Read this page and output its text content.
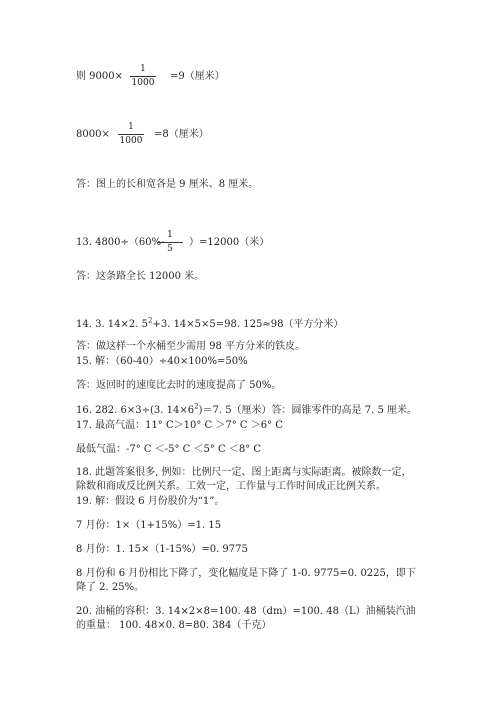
则 9000×
1
1000
=9（厘米）
8000×
1
1000
=8（厘米）
答：图上的长和宽各是 9 厘米、8 厘米。
13. 4800÷（60%-
1
5
）=12000（米）
答：这条路全长 12000 米。
14. 3. 14×2. $5^2+3$. 14×5×5=98. 125≈98（平方分米）
答：做这样一个水桶至少需用 98 平方分米的铁皮。
15. 解：（60-40）÷40×100%=50%
答：返回时的速度比去时的速度提高了 50%。
16. 282. 6×3÷(3. $14\times 6^2)=7$. 5（厘米）答：圆锥零件的高是 7. 5 厘米。
17. 最高气温：11° C＞10° C ＞7° C ＞6° C
最低气温：-7° C ＜-5° C ＜5° C ＜8° C
18. 此题答案很多, 例如：比例尺一定、图上距离与实际距离。被除数一定，除数和商成反比例关系。工效一定，工作量与工作时间成正比例关系。
19. 解：假设 6 月份股价为“1”。
7 月份：1×（1+15%）=1. 15
8 月份：1. 15×（1-15%）=0. 9775
8 月份和 6 月份相比下降了，变化幅度是下降了 1-0. 9775=0. 0225，即下降了 2. 25%。
20. 油桶的容积：3. 14×2×8=100. 48（dm）=100. 48（L）油桶装汽油的重量： 100. 48×0. 8=80. 384（千克）
